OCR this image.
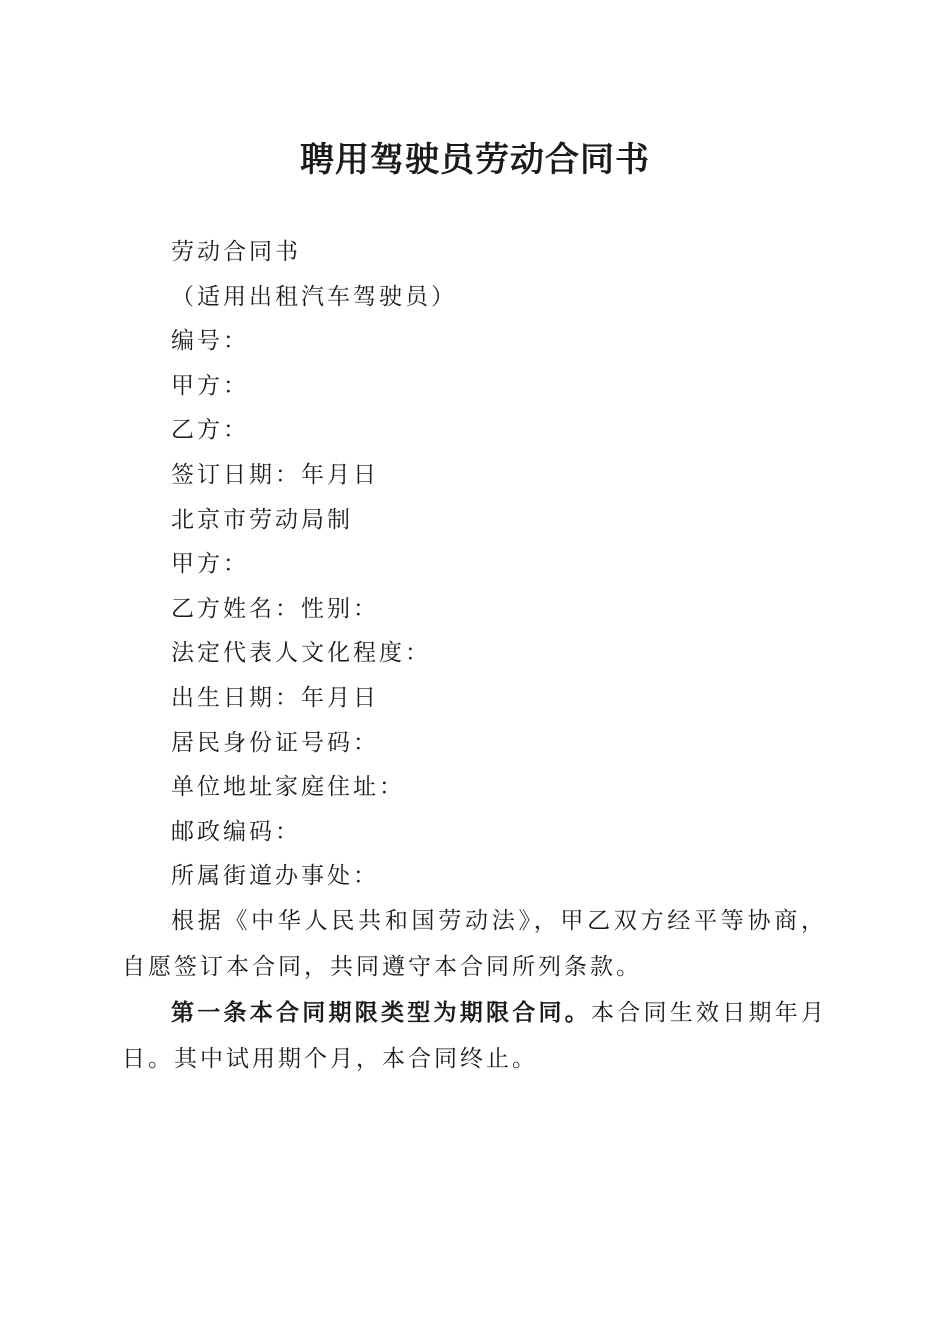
聘用驾驶员劳动合同书
劳动合同书
（适用出租汽车驾驶员）
编号：
甲方：
乙方：
签订日期：年月日
北京市劳动局制
甲方：
乙方姓名：性别：
法定代表人文化程度：
出生日期：年月日
居民身份证号码：
单位地址家庭住址：
邮政编码：
所属街道办事处：

根据《中华人民共和国劳动法》，甲乙双方经平等协商，自愿签订本合同，共同遵守本合同所列条款。

第一条本合同期限类型为期限合同。本合同生效日期年月日。其中试用期个月，本合同终止。
